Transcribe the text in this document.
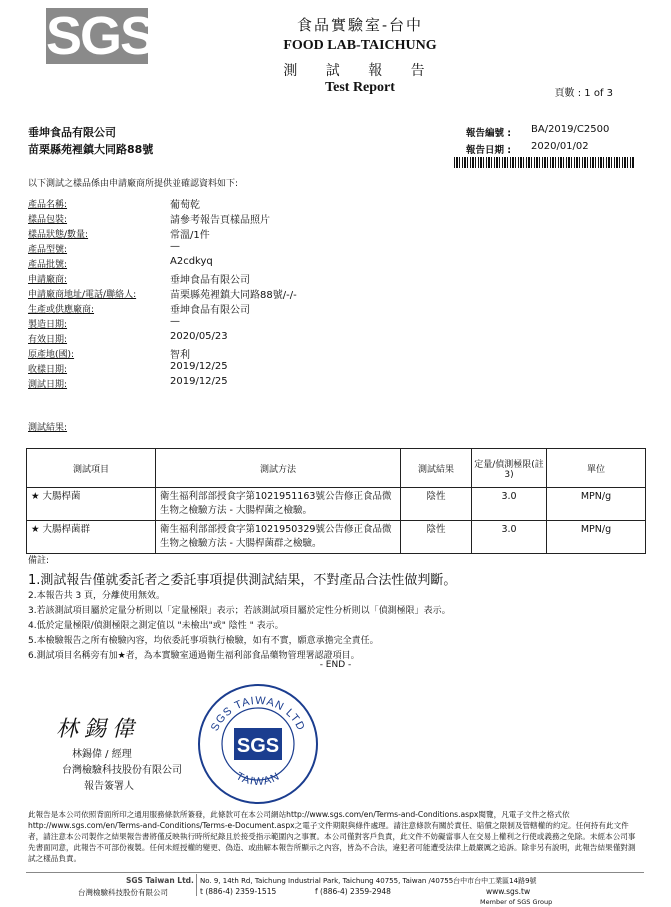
SGS	食品實驗室-台中
FOOD LAB-TAICHUNG
測 試 報 告
Test Report	頁數 : 1 of 3
垂坤食品有限公司
苗栗縣苑裡鎮大同路88號
報告編號 : BA/2019/C2500
報告日期 : 2020/01/02
以下測試之樣品係由申請廠商所提供並確認資料如下:
產品名稱:	葡萄乾
樣品包裝:	請參考報告頁樣品照片
樣品狀態/數量:	常溫/1件
產品型號:	—
產品批號:	A2cdkyq
申請廠商:	垂坤食品有限公司
申請廠商地址/電話/聯絡人:	苗栗縣苑裡鎮大同路88號/-/-
生產或供應廠商:	垂坤食品有限公司
製造日期:	—
有效日期:	2020/05/23
原產地(國):	智利
收樣日期:	2019/12/25
測試日期:	2019/12/25
測試結果:
測試項目	測試方法	測試結果	定量/偵測極限(註3)	單位
★ 大腸桿菌	衛生福利部部授食字第1021951163號公告修正食品微生物之檢驗方法 - 大腸桿菌之檢驗。	陰性	3.0	MPN/g
★ 大腸桿菌群	衛生福利部部授食字第1021950329號公告修正食品微生物之檢驗方法 - 大腸桿菌群之檢驗。	陰性	3.0	MPN/g
備註:
1.測試報告僅就委託者之委託事項提供測試結果，不對產品合法性做判斷。
2.本報告共 3 頁，分離使用無效。
3.若該測試項目屬於定量分析則以「定量極限」表示；若該測試項目屬於定性分析則以「偵測極限」表示。
4.低於定量極限/偵測極限之測定值以 "未檢出"或" 陰性 " 表示。
5.本檢驗報告之所有檢驗內容，均依委託事項執行檢驗，如有不實，願意承擔完全責任。
6.測試項目名稱旁有加★者，為本實驗室通過衛生福利部食品藥物管理署認證項目。
- END -
林錫偉
林錫偉 / 經理
台灣檢驗科技股份有限公司
報告簽署人
SGS
SGS TAIWAN LTD
TAIWAN
此報告是本公司依照背面所印之通用服務條款所簽發，此條款可在本公司網站http://www.sgs.com/en/Terms-and-Conditions.aspx閱覽，凡電子文件之格式依http://www.sgs.com/en/Terms-and-Conditions/Terms-e-Document.aspx之電子文件期限與條件處理。請注意條款有關於責任、賠償之限制及管轄權的約定。任何持有此文件者，請注意本公司製作之結果報告書將僅反映執行時所紀錄且於接受指示範圍內之事實。本公司僅對客戶負責，此文件不妨礙當事人在交易上權利之行使或義務之免除。未經本公司事先書面同意，此報告不可部份複製。任何未經授權的變更、偽造、或曲解本報告所顯示之內容，皆為不合法，違犯者可能遭受法律上最嚴厲之追訴。除非另有說明，此報告結果僅對測試之樣品負責。
SGS Taiwan Ltd.
台灣檢驗科技股份有限公司
No. 9, 14th Rd, Taichung Industrial Park, Taichung 40755, Taiwan /40755台中市台中工業區14路9號
t (886-4) 2359-1515	f (886-4) 2359-2948	www.sgs.tw
Member of SGS Group
